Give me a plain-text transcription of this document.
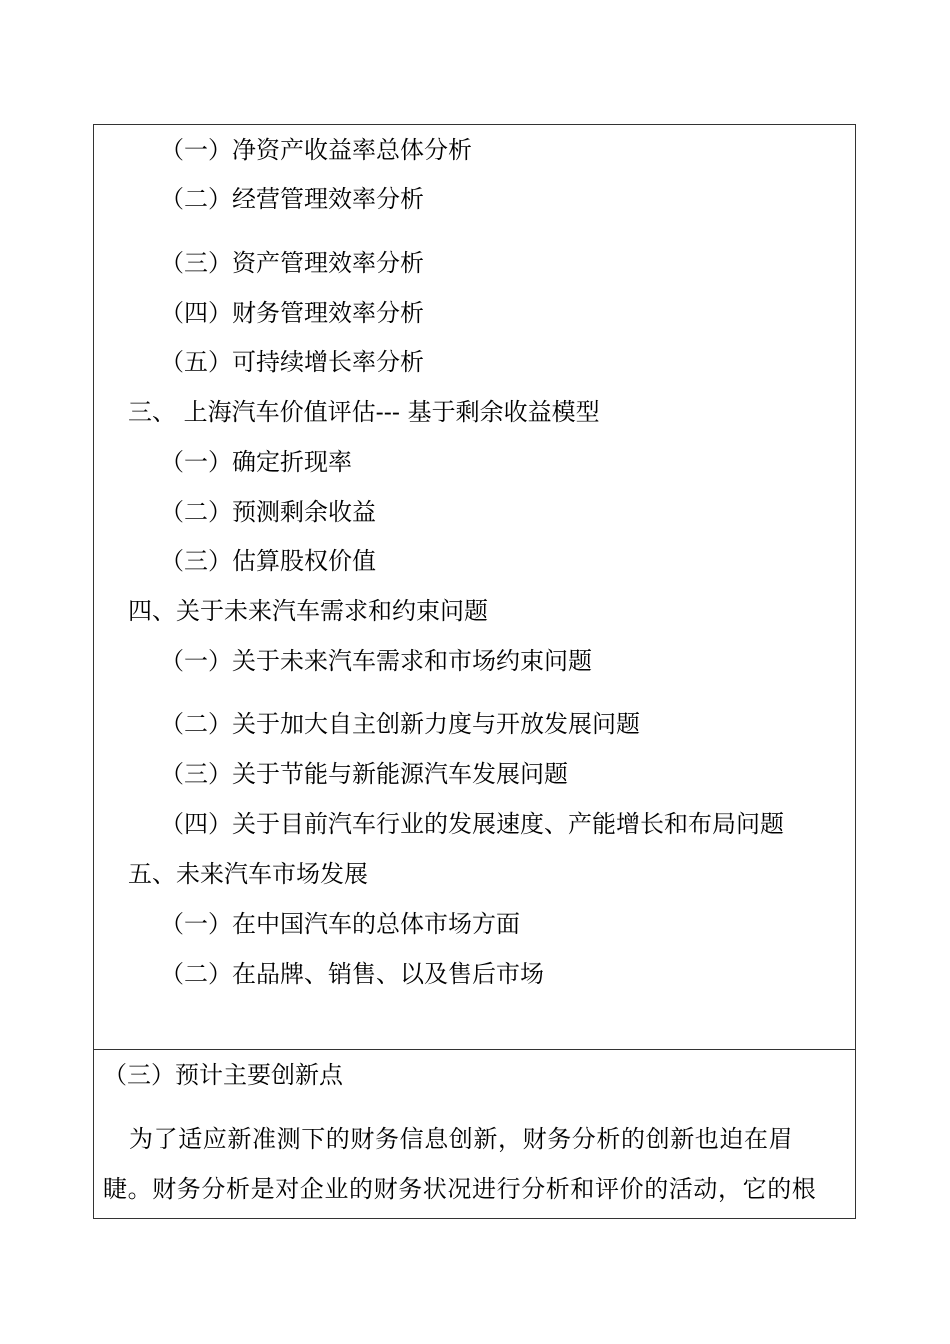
（一）净资产收益率总体分析
（二）经营管理效率分析
（三）资产管理效率分析
（四）财务管理效率分析
（五）可持续增长率分析
三、 上海汽车价值评估--- 基于剩余收益模型
（一）确定折现率
（二）预测剩余收益
（三）估算股权价值
四、关于未来汽车需求和约束问题
（一）关于未来汽车需求和市场约束问题
（二）关于加大自主创新力度与开放发展问题
（三）关于节能与新能源汽车发展问题
（四）关于目前汽车行业的发展速度、产能增长和布局问题
五、未来汽车市场发展
（一）在中国汽车的总体市场方面
（二）在品牌、销售、以及售后市场
（三）预计主要创新点
为了适应新准测下的财务信息创新，财务分析的创新也迫在眉
睫。财务分析是对企业的财务状况进行分析和评价的活动，它的根
